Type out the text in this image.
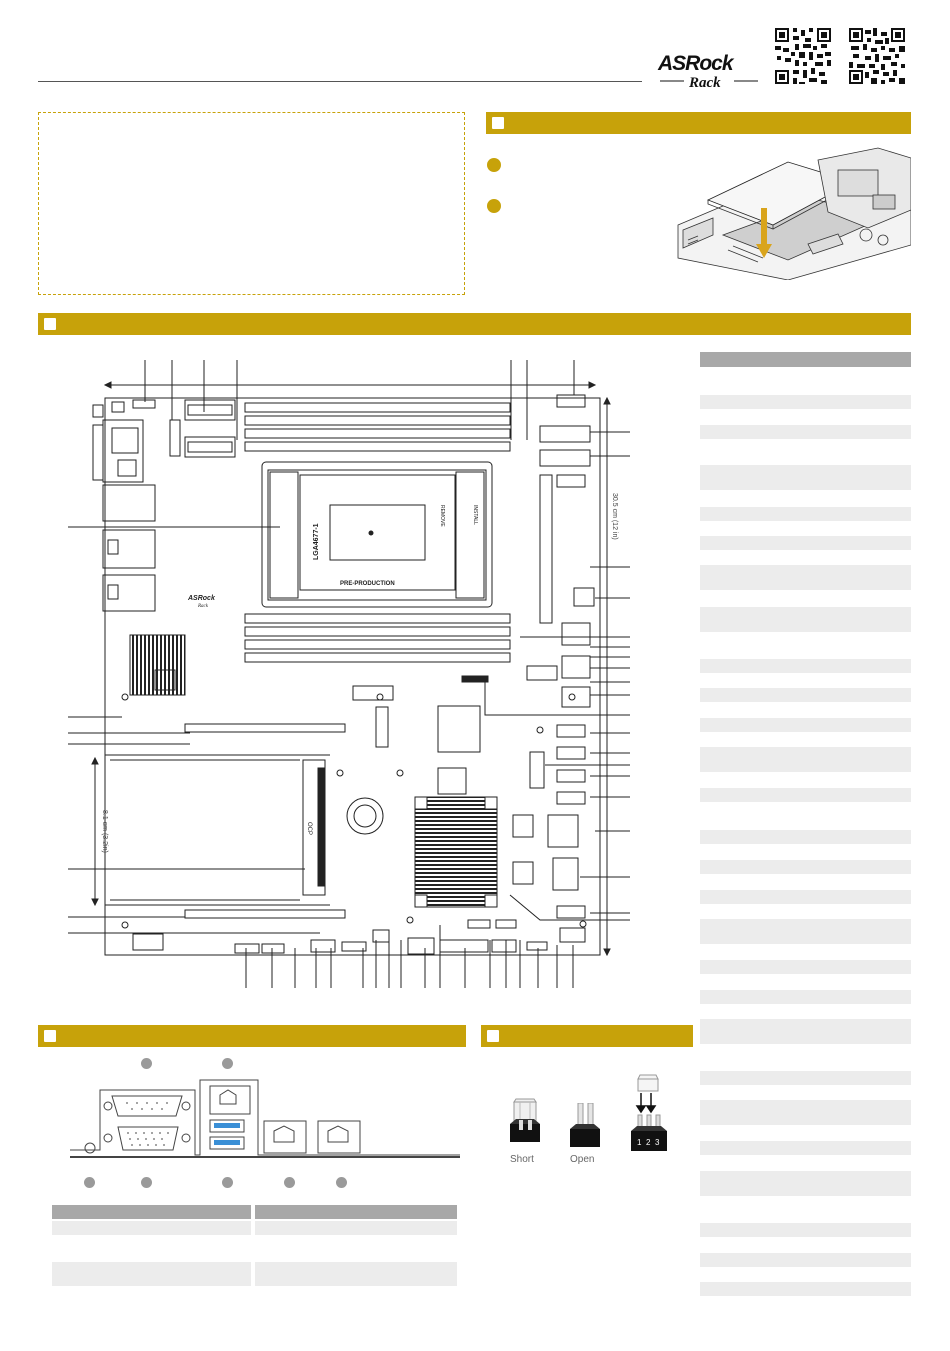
ASRock
Rack
LGA4677-1
PRE-PRODUCTION
REMOVE	INSTALL
ASRock
Rack
OCP
30.5 cm (12 in)
8.1 cm (3.2in)
Short	Open
1 2 3
